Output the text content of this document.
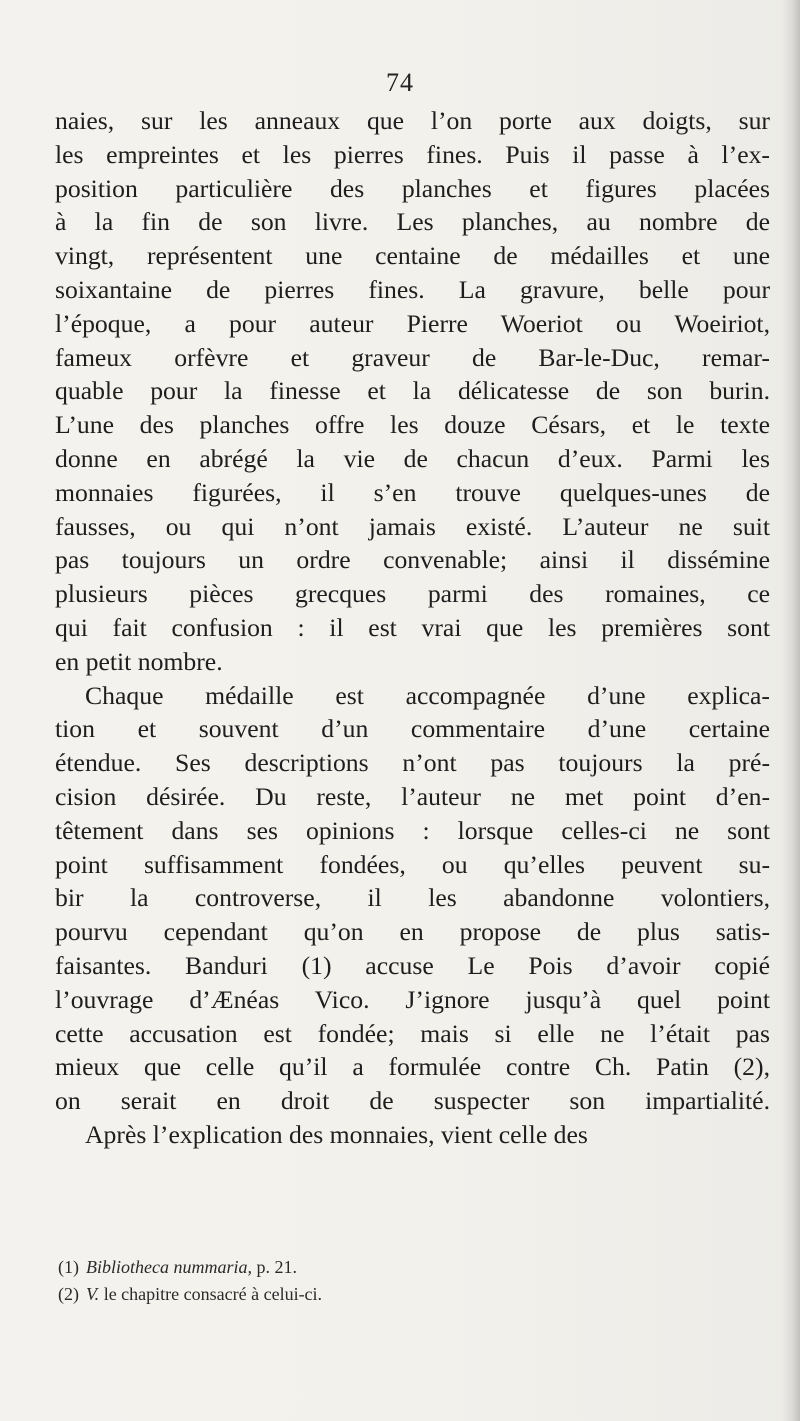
74
naies, sur les anneaux que l’on porte aux doigts, sur
les empreintes et les pierres fines. Puis il passe à l’ex-
position particulière des planches et figures placées
à la fin de son livre. Les planches, au nombre de
vingt, représentent une centaine de médailles et une
soixantaine de pierres fines. La gravure, belle pour
l’époque, a pour auteur Pierre Woeriot ou Woeiriot,
fameux orfèvre et graveur de Bar-le-Duc, remar-
quable pour la finesse et la délicatesse de son burin.
L’une des planches offre les douze Césars, et le texte
donne en abrégé la vie de chacun d’eux. Parmi les
monnaies figurées, il s’en trouve quelques-unes de
fausses, ou qui n’ont jamais existé. L’auteur ne suit
pas toujours un ordre convenable; ainsi il dissémine
plusieurs pièces grecques parmi des romaines, ce
qui fait confusion : il est vrai que les premières sont
en petit nombre.
Chaque médaille est accompagnée d’une explica-
tion et souvent d’un commentaire d’une certaine
étendue. Ses descriptions n’ont pas toujours la pré-
cision désirée. Du reste, l’auteur ne met point d’en-
têtement dans ses opinions : lorsque celles-ci ne sont
point suffisamment fondées, ou qu’elles peuvent su-
bir la controverse, il les abandonne volontiers,
pourvu cependant qu’on en propose de plus satis-
faisantes. Banduri (1) accuse Le Pois d’avoir copié
l’ouvrage d’Ænéas Vico. J’ignore jusqu’à quel point
cette accusation est fondée; mais si elle ne l’était pas
mieux que celle qu’il a formulée contre Ch. Patin (2),
on serait en droit de suspecter son impartialité.
Après l’explication des monnaies, vient celle des
(1) Bibliotheca nummaria, p. 21.
(2) V. le chapitre consacré à celui-ci.
